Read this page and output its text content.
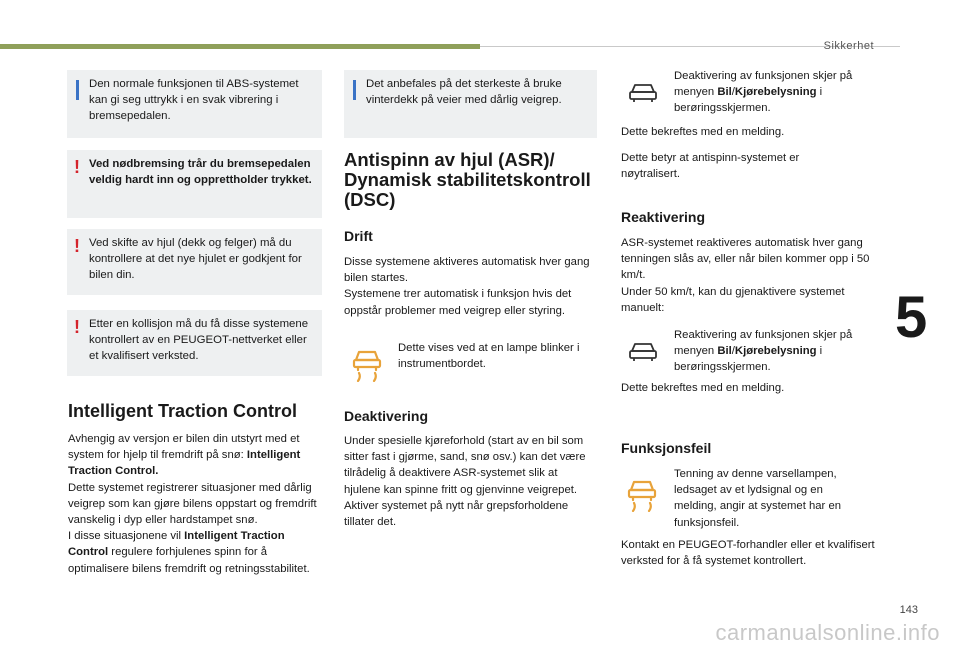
Sikkerhet
5
143
carmanualsonline.info
Den normale funksjonen til ABS-systemet kan gi seg uttrykk i en svak vibrering i bremsepedalen.
! Ved nødbremsing trår du bremsepedalen veldig hardt inn og opprettholder trykket.
! Ved skifte av hjul (dekk og felger) må du kontrollere at det nye hjulet er godkjent for bilen din.
! Etter en kollisjon må du få disse systemene kontrollert av en PEUGEOT-nettverket eller et kvalifisert verksted.
Intelligent Traction Control
Avhengig av versjon er bilen din utstyrt med et system for hjelp til fremdrift på snø: Intelligent Traction Control.
Dette systemet registrerer situasjoner med dårlig veigrep som kan gjøre bilens oppstart og fremdrift vanskelig i dyp eller hardstampet snø.
I disse situasjonene vil Intelligent Traction Control regulere forhjulenes spinn for å optimalisere bilens fremdrift og retningsstabilitet.
Det anbefales på det sterkeste å bruke vinterdekk på veier med dårlig veigrep.
Antispinn av hjul (ASR)/ Dynamisk stabilitetskontroll (DSC)
Drift
Disse systemene aktiveres automatisk hver gang bilen startes.
Systemene trer automatisk i funksjon hvis det oppstår problemer med veigrep eller styring.
Dette vises ved at en lampe blinker i instrumentbordet.
Deaktivering
Under spesielle kjøreforhold (start av en bil som sitter fast i gjørme, sand, snø osv.) kan det være tilrådelig å deaktivere ASR-systemet slik at hjulene kan spinne fritt og gjenvinne veigrepet.
Aktiver systemet på nytt når grepsforholdene tillater det.
Deaktivering av funksjonen skjer på menyen Bil/Kjørebelysning i berøringsskjermen.
Dette bekreftes med en melding.
Dette betyr at antispinn-systemet er nøytralisert.
Reaktivering
ASR-systemet reaktiveres automatisk hver gang tenningen slås av, eller når bilen kommer opp i 50 km/t.
Under 50 km/t, kan du gjenaktivere systemet manuelt:
Reaktivering av funksjonen skjer på menyen Bil/Kjørebelysning i berøringsskjermen.
Dette bekreftes med en melding.
Funksjonsfeil
Tenning av denne varsellampen, ledsaget av et lydsignal og en melding, angir at systemet har en funksjonsfeil.
Kontakt en PEUGEOT-forhandler eller et kvalifisert verksted for å få systemet kontrollert.
